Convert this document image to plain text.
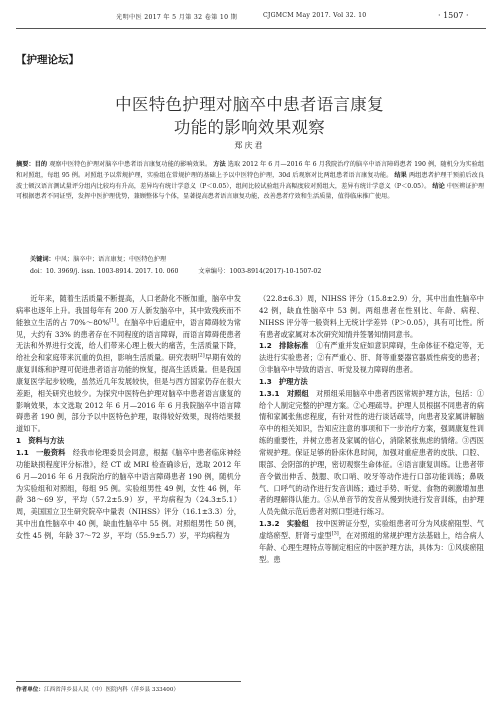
光明中医 2017 年 5 月第 32 卷第 10 期	CJGMCM May 2017. Vol 32. 10	· 1507 ·
【护理论坛】
中医特色护理对脑卒中患者语言康复
功能的影响效果观察
郑庆君
摘要：目的 观察中医特色护理对脑卒中患者语言康复功能的影响效果。 方法 选取 2012 年 6 月—2016 年 6 月我院治疗的脑卒中语言障碍患者 190 例，随机分为实验组和对照组，每组 95 例。对照组予以常规护理，实验组在常规护理的基础上予以中医特色护理，30d 后观察对比两组患者语言康复功能。 结果 两组患者护理干预前后改良波士顿汉语言测试量评分组内比较均有升高，差异均有统计学意义（P＜0.05），组间比较试验组升高幅度较对照组大，差异有统计学意义（P＜0.05）。 结论 中医辨证护理可根据患者不同证型，发挥中医护理优势，兼顾整体与个体，显著提高患者语言康复功能，改善患者疗效和生活质量，值得临床推广使用。
关键词：中风；脑卒中；语言康复；中医特色护理
doi：10. 3969/j. issn. 1003-8914. 2017. 10. 060	文章编号：1003-8914(2017)-10-1507-02

近年来，随着生活质量不断提高，人口老龄化不断加重，脑卒中发病率也逐年上升。我国每年有 200 万人新发脑卒中，其中致残疾而不能独立生活的占 70%～80%[1]。在脑卒中后遗症中，语言障碍较为常见，大约有 33% 的患者存在不同程度的语言障碍，而语言障碍使患者无法和外界进行交流，给人们带来心理上极大的痛苦，生活质量下降，给社会和家庭带来沉重的负担，影响生活质量。研究表明[2]早期有效的康复训练和护理可促进患者语言功能的恢复，提高生活质量。但是我国康复医学起步较晚，虽然近几年发展较快，但是与西方国家仍存在很大差距，相关研究也较少。为探究中医特色护理对脑卒中患者语言康复的影响效果，本文选取 2012 年 6 月—2016 年 6 月我院脑卒中语言障碍患者 190 例，部分予以中医特色护理，取得较好效果，现将结果报道如下。

1　资料与方法

1.1　一般资料　 经我市伦理委员会同意，根据《脑卒中患者临床神经功能缺损程度评分标准》，经 CT 或 MRI 检查确诊后，选取 2012 年 6 月—2016 年 6 月我院治疗的脑卒中语言障碍患者 190 例，随机分为实验组和对照组，每组 95 例。实验组男性 49 例，女性 46 例，年龄 38～69 岁，平均（57.2±5.9）岁，平均病程为（24.3±5.1）周，美国国立卫生研究院卒中量表（NIHSS）评分（16.1±3.3）分，其中出血性脑卒中 40 例，缺血性脑卒中 55 例。对照组男性 50 例，女性 45 例，年龄 37～72 岁，平均（55.9±5.7）岁，平均病程为

（22.8±6.3）周，NIHSS 评分（15.8±2.9）分，其中出血性脑卒中 42 例，缺血性脑卒中 53 例。两组患者在性别比、年龄、病程、NIHSS 评分等一般资料上无统计学差异（P＞0.05），具有可比性。所有患者或家属对本次研究知情并签署知情同意书。

1.2　排除标准　 ①有严重并发症如意识障碍，生命体征不稳定等，无法进行实验患者；②有严重心、肝、肾等重要器官器质性病变的患者；③非脑卒中导致的语言、听觉及视力障碍的患者。

1.3　护理方法

1.3.1　对照组　 对照组采用脑卒中患者西医常规护理方法，包括：①给个人制定完整的护理方案。②心理疏导。护理人员根据不同患者的病情和家属张焦虑程度，有针对性的进行谈话疏导，向患者及家属讲解脑卒中的相关知识，告知应注意的事项和下一步治疗方案，强调康复性训练的重要性，并树立患者及家属的信心，消除紧张焦虑的情绪。③西医常规护理。保证足够的卧床休息时间，加强对重症患者的皮肤、口腔、眼部、会阴部的护理，密切观察生命体征。④语言康复训练。让患者带音令做出伸舌、鼓腮、吹口哨、咬牙等动作进行口部功能训练；鼻吸气、口呼气的动作进行发音训练；通过手势、听觉、食物的刺激增加患者的理解得认能力。⑤从单音节的发音从慢到快进行发音训练，由护理人员先做示范后患者对照口型进行练习。

1.3.2　实验组　 按中医辨证分型，实验组患者可分为风痰瘀阻型、气虚络瘀型、肝肾亏虚型[3]，在对照组的常规护理方法基础上，结合病人年龄、心理生理特点等制定相应的中医护理方法，具体为：①风痰瘀阻型。患

作者单位：江西省萍乡县人民（中）医院内科（萍乡县 333400）
